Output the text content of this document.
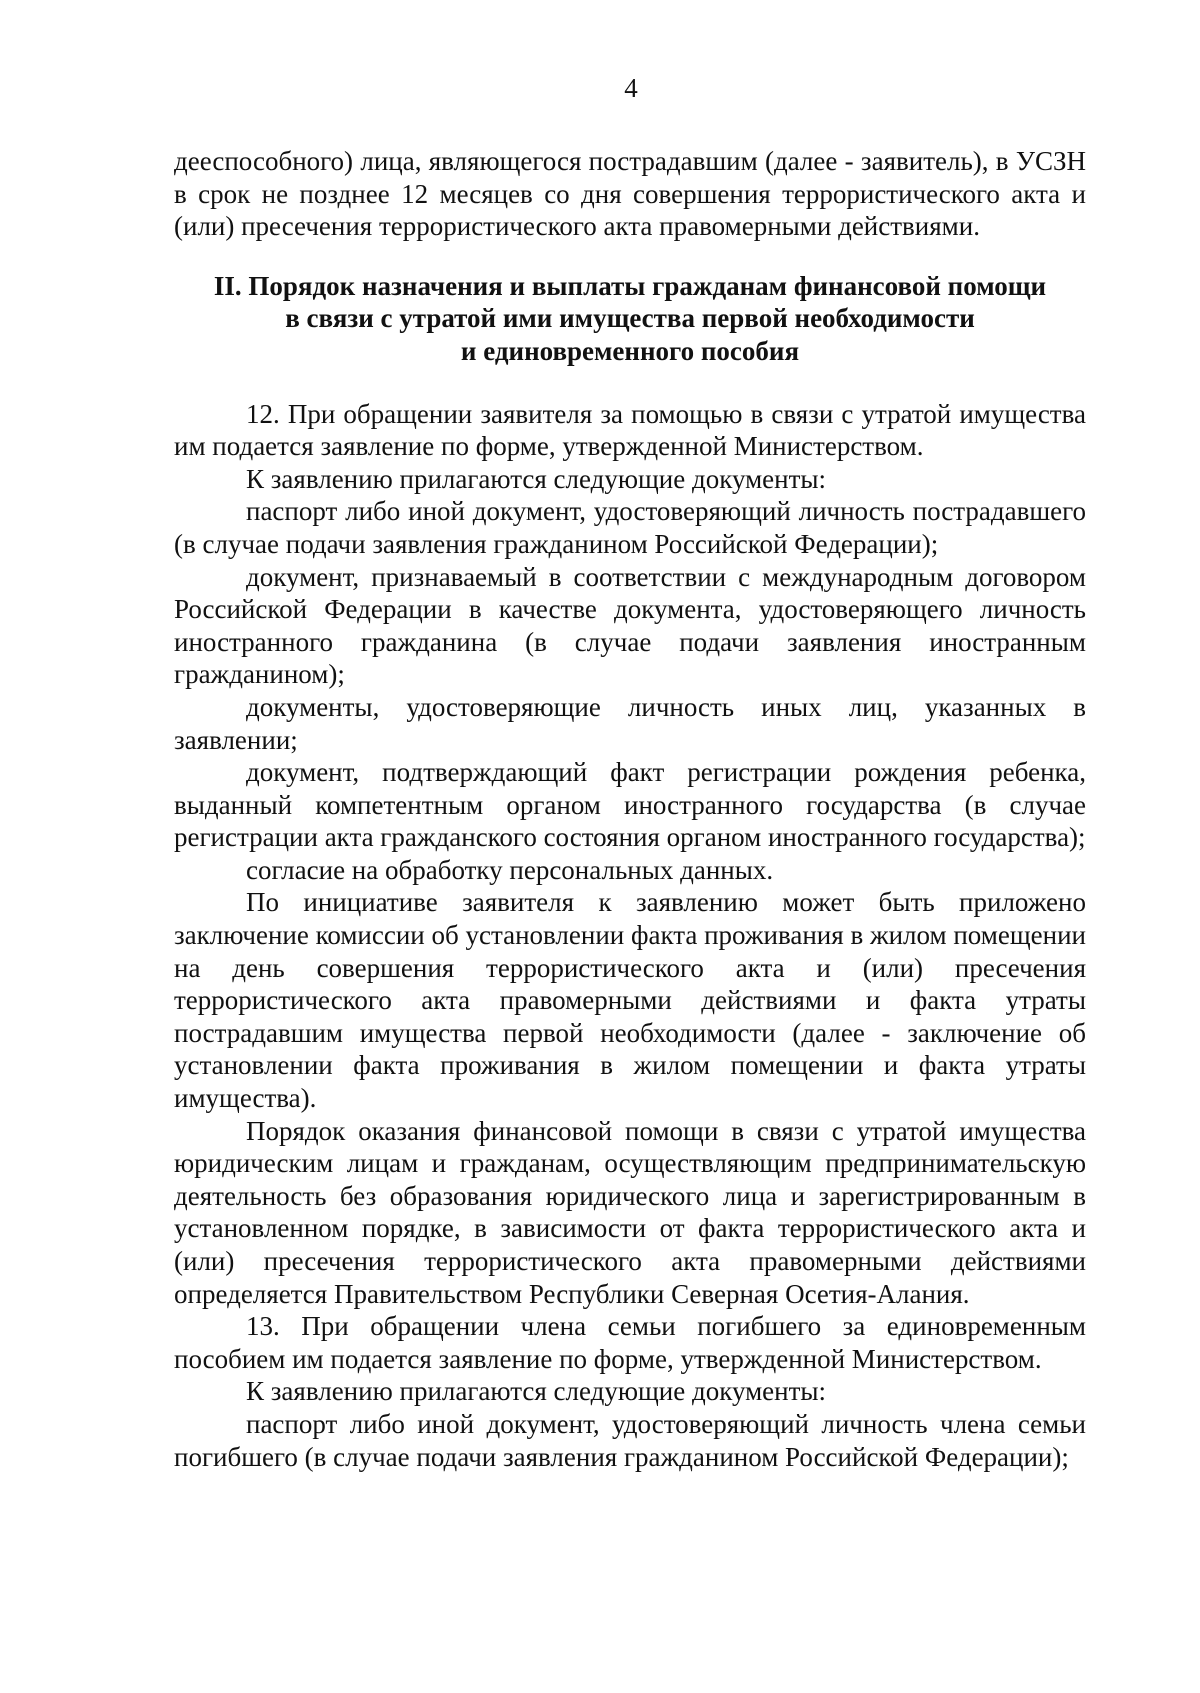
4

дееспособного) лица, являющегося пострадавшим (далее - заявитель), в УСЗН в срок не позднее 12 месяцев со дня совершения террористического акта и (или) пресечения террористического акта правомерными действиями.

II. Порядок назначения и выплаты гражданам финансовой помощи
в связи с утратой ими имущества первой необходимости
и единовременного пособия

12. При обращении заявителя за помощью в связи с утратой имущества им подается заявление по форме, утвержденной Министерством.

К заявлению прилагаются следующие документы:

паспорт либо иной документ, удостоверяющий личность пострадавшего (в случае подачи заявления гражданином Российской Федерации);

документ, признаваемый в соответствии с международным договором Российской Федерации в качестве документа, удостоверяющего личность иностранного гражданина (в случае подачи заявления иностранным гражданином);

документы, удостоверяющие личность иных лиц, указанных в заявлении;

документ, подтверждающий факт регистрации рождения ребенка, выданный компетентным органом иностранного государства (в случае регистрации акта гражданского состояния органом иностранного государства);

согласие на обработку персональных данных.

По инициативе заявителя к заявлению может быть приложено заключение комиссии об установлении факта проживания в жилом помещении на день совершения террористического акта и (или) пресечения террористического акта правомерными действиями и факта утраты пострадавшим имущества первой необходимости (далее - заключение об установлении факта проживания в жилом помещении и факта утраты имущества).

Порядок оказания финансовой помощи в связи с утратой имущества юридическим лицам и гражданам, осуществляющим предпринимательскую деятельность без образования юридического лица и зарегистрированным в установленном порядке, в зависимости от факта террористического акта и (или) пресечения террористического акта правомерными действиями определяется Правительством Республики Северная Осетия-Алания.

13. При обращении члена семьи погибшего за единовременным пособием им подается заявление по форме, утвержденной Министерством.

К заявлению прилагаются следующие документы:

паспорт либо иной документ, удостоверяющий личность члена семьи погибшего (в случае подачи заявления гражданином Российской Федерации);
